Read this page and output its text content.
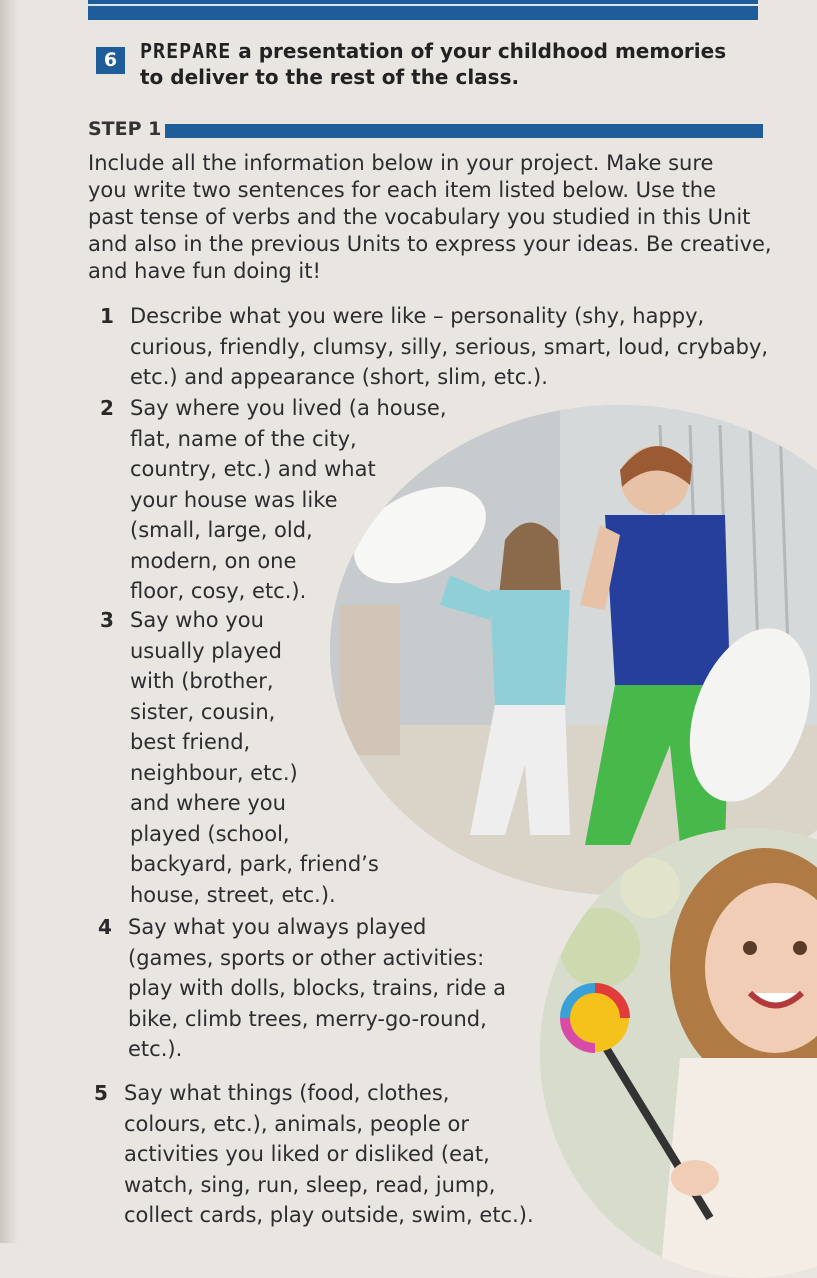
6	PREPARE a presentation of your childhood memories
to deliver to the rest of the class.

STEP 1

Include all the information below in your project. Make sure
you write two sentences for each item listed below. Use the
past tense of verbs and the vocabulary you studied in this Unit
and also in the previous Units to express your ideas. Be creative,
and have fun doing it!

1 Describe what you were like – personality (shy, happy,
curious, friendly, clumsy, silly, serious, smart, loud, crybaby,
etc.) and appearance (short, slim, etc.).
2 Say where you lived (a house,
flat, name of the city,
country, etc.) and what
your house was like
(small, large, old,
modern, on one
floor, cosy, etc.).
3 Say who you
usually played
with (brother,
sister, cousin,
best friend,
neighbour, etc.)
and where you
played (school,
backyard, park, friend’s
house, street, etc.).
4 Say what you always played
(games, sports or other activities:
play with dolls, blocks, trains, ride a
bike, climb trees, merry-go-round,
etc.).
5 Say what things (food, clothes,
colours, etc.), animals, people or
activities you liked or disliked (eat,
watch, sing, run, sleep, read, jump,
collect cards, play outside, swim, etc.).
